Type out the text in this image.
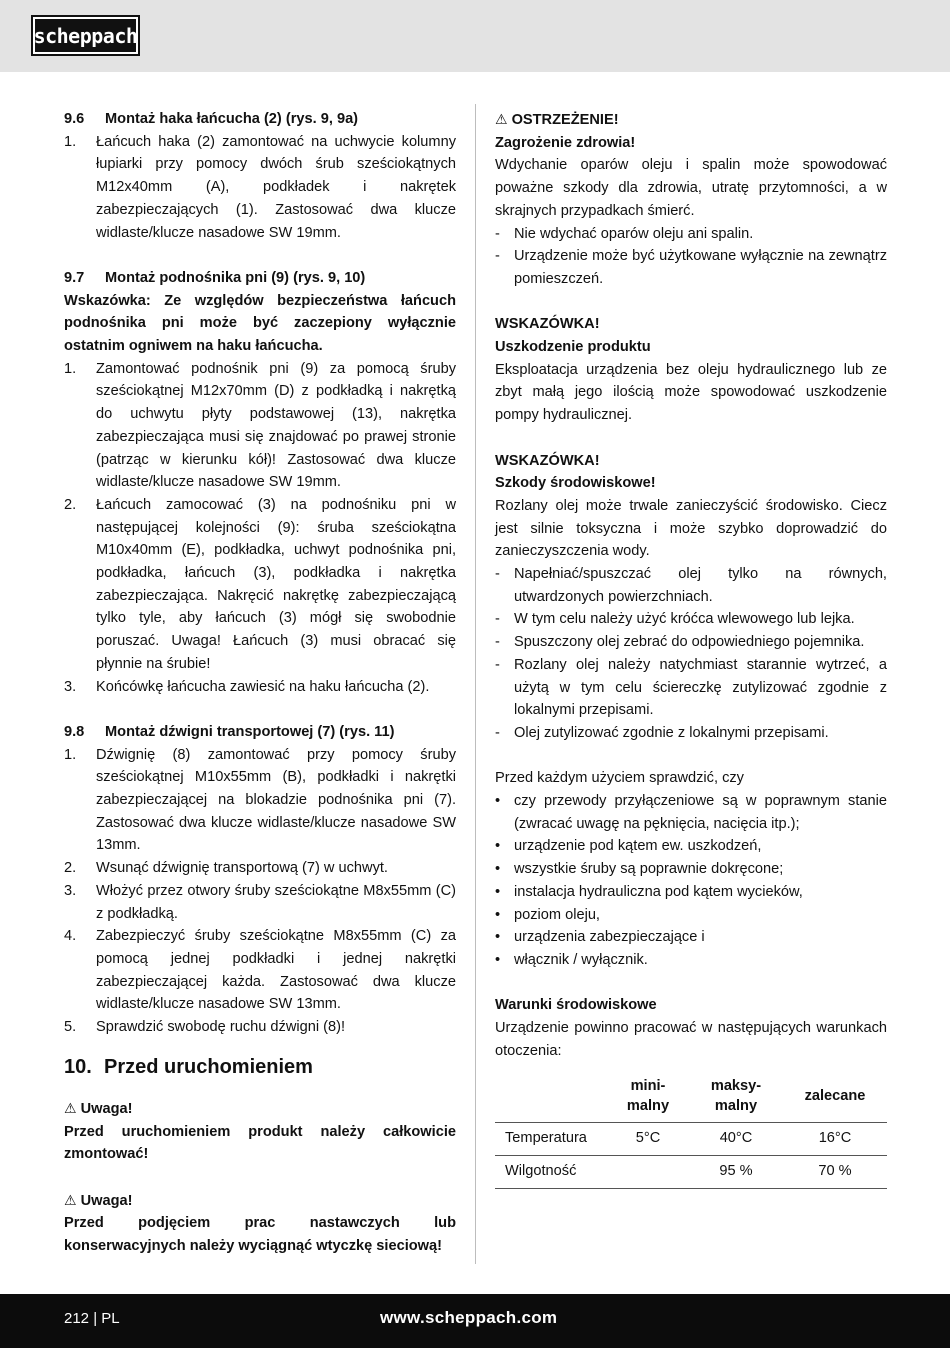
scheppach
9.6 Montaż haka łańcucha (2) (rys. 9, 9a)
1. Łańcuch haka (2) zamontować na uchwycie kolumny łupiarki przy pomocy dwóch śrub sześciokątnych M12x40mm (A), podkładek i nakrętek zabezpieczających (1). Zastosować dwa klucze widlaste/klucze nasadowe SW 19mm.
9.7 Montaż podnośnika pni (9) (rys. 9, 10)
Wskazówka: Ze względów bezpieczeństwa łańcuch podnośnika pni może być zaczepiony wyłącznie ostatnim ogniwem na haku łańcucha.
1. Zamontować podnośnik pni (9) za pomocą śruby sześciokątnej M12x70mm (D) z podkładką i nakrętką do uchwytu płyty podstawowej (13), nakrętka zabezpieczająca musi się znajdować po prawej stronie (patrząc w kierunku kół)! Zastosować dwa klucze widlaste/klucze nasadowe SW 19mm.
2. Łańcuch zamocować (3) na podnośniku pni w następującej kolejności (9): śruba sześciokątna M10x40mm (E), podkładka, uchwyt podnośnika pni, podkładka, łańcuch (3), podkładka i nakrętka zabezpieczająca. Nakręcić nakrętkę zabezpieczającą tylko tyle, aby łańcuch (3) mógł się swobodnie poruszać. Uwaga! Łańcuch (3) musi obracać się płynnie na śrubie!
3. Końcówkę łańcucha zawiesić na haku łańcucha (2).
9.8 Montaż dźwigni transportowej (7) (rys. 11)
1. Dźwignię (8) zamontować przy pomocy śruby sześciokątnej M10x55mm (B), podkładki i nakrętki zabezpieczającej na blokadzie podnośnika pni (7). Zastosować dwa klucze widlaste/klucze nasadowe SW 13mm.
2. Wsunąć dźwignię transportową (7) w uchwyt.
3. Włożyć przez otwory śruby sześciokątne M8x55mm (C) z podkładką.
4. Zabezpieczyć śruby sześciokątne M8x55mm (C) za pomocą jednej podkładki i jednej nakrętki zabezpieczającej każda. Zastosować dwa klucze widlaste/klucze nasadowe SW 13mm.
5. Sprawdzić swobodę ruchu dźwigni (8)!
10. Przed uruchomieniem
⚠ Uwaga!
Przed uruchomieniem produkt należy całkowicie zmontować!
⚠ Uwaga!
Przed podjęciem prac nastawczych lub konserwacyjnych należy wyciągnąć wtyczkę sieciową!
⚠ OSTRZEŻENIE!
Zagrożenie zdrowia!
Wdychanie oparów oleju i spalin może spowodować poważne szkody dla zdrowia, utratę przytomności, a w skrajnych przypadkach śmierć.
- Nie wdychać oparów oleju ani spalin.
- Urządzenie może być użytkowane wyłącznie na zewnątrz pomieszczeń.
WSKAZÓWKA!
Uszkodzenie produktu
Eksploatacja urządzenia bez oleju hydraulicznego lub ze zbyt małą jego ilością może spowodować uszkodzenie pompy hydraulicznej.
WSKAZÓWKA!
Szkody środowiskowe!
Rozlany olej może trwale zanieczyścić środowisko. Ciecz jest silnie toksyczna i może szybko doprowadzić do zanieczyszczenia wody.
- Napełniać/spuszczać olej tylko na równych, utwardzonych powierzchniach.
- W tym celu należy użyć króćca wlewowego lub lejka.
- Spuszczony olej zebrać do odpowiedniego pojemnika.
- Rozlany olej należy natychmiast starannie wytrzeć, a użytą w tym celu ściereczkę zutylizować zgodnie z lokalnymi przepisami.
- Olej zutylizować zgodnie z lokalnymi przepisami.
Przed każdym użyciem sprawdzić, czy
• czy przewody przyłączeniowe są w poprawnym stanie (zwracać uwagę na pęknięcia, nacięcia itp.);
• urządzenie pod kątem ew. uszkodzeń,
• wszystkie śruby są poprawnie dokręcone;
• instalacja hydrauliczna pod kątem wycieków,
• poziom oleju,
• urządzenia zabezpieczające i
• włącznik / wyłącznik.
Warunki środowiskowe
Urządzenie powinno pracować w następujących warunkach otoczenia:
	mini-
malny	maksy-
malny	zalecane
Temperatura	5°C	40°C	16°C
Wilgotność		95 %	70 %
212 | PL	www.scheppach.com
